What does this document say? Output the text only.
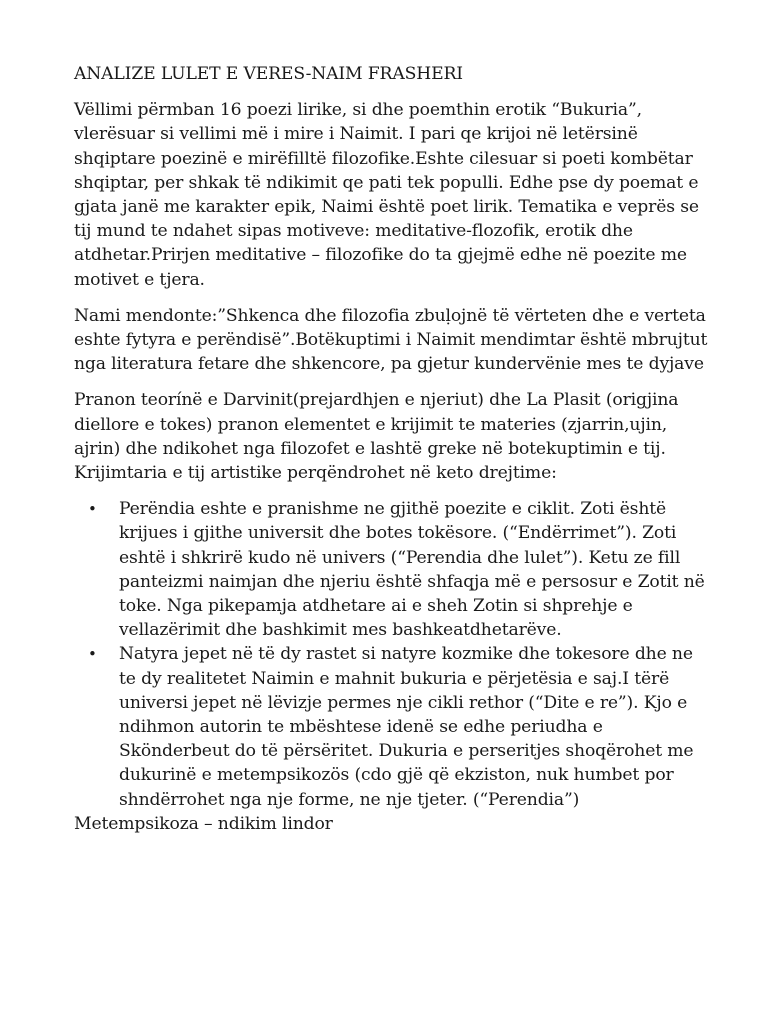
ANALIZE LULET E VERES-NAIM FRASHERI

Vëllimi përmban 16 poezi lirike, si dhe poemthin erotik “Bukuria”, vlerësuar si vellimi më i mire i Naimit. I pari qe krijoi në letërsinë shqiptare poezinë e mirëfilltë filozofike.Eshte cilesuar si poeti kombëtar shqiptar, per shkak të ndikimit qe pati tek populli. Edhe pse dy poemat e gjata janë me karakter epik, Naimi është poet lirik. Tematika e veprës se tij mund te ndahet sipas motiveve: meditative-flozofik, erotik dhe atdhetar.Prirjen meditative – filozofike do ta gjejmë edhe në poezite me motivet e tjera.

Nami mendonte:”Shkenca dhe filozofia zbuḷojnë të vërteten dhe e verteta eshte fytyra e perëndisë”.Botëkuptimi i Naimit mendimtar është mbrujtut nga literatura fetare dhe shkencore, pa gjetur kundervënie mes te dyjave

Pranon teorínë e Darvinit(prejardhjen e njeriut) dhe La Plasit (origjina diellore e tokes) pranon elementet e krijimit te materies (zjarrin,ujin, ajrin) dhe ndikohet nga filozofet e lashtë greke në botekuptimin e tij. Krijimtaria e tij artistike perqëndrohet në keto drejtime:

• Perëndia eshte e pranishme ne gjithë poezite e ciklit. Zoti është krijues i gjithe universit dhe botes tokësore. (“Endërrimet”). Zoti eshtë i shkrirë kudo në univers (“Perendia dhe lulet”). Ketu ze fill panteizmi naimjan dhe njeriu është shfaqja më e persosur e Zotit në toke. Nga pikepamja atdhetare ai e sheh Zotin si shprehje e vellazërimit dhe bashkimit mes bashkeatdhetarëve.
• Natyra jepet në të dy rastet si natyre kozmike dhe tokesore dhe ne te dy realitetet Naimin e mahnit bukuria e përjetësia e saj.I tërë universi jepet në lëvizje permes nje cikli rethor (“Dite e re”). Kjo e ndihmon autorin te mbështese idenë se edhe periudha e Skönderbeut do të përsëritet. Dukuria e perseritjes shoqërohet me dukurinë e metempsikozös (cdo gjë që ekziston, nuk humbet por shndërrohet nga nje forme, ne nje tjeter. (“Perendia”)

Metempsikoza – ndikim lindor
